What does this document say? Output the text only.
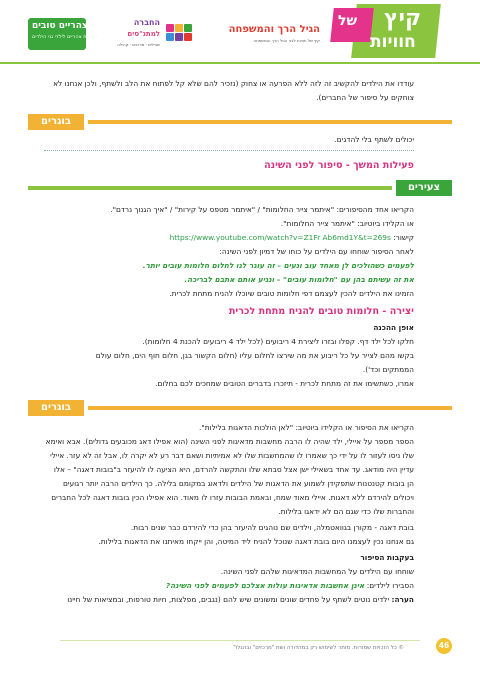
צהריים טובים
מסגרת צהריים לילדי גני הילדים
החברה
למתנ"סים
שבילים · מרכזים · קהילה
הגיל הרך והמשפחה
קיץ של חוויות לבני הגיל הרך והמשפחה
קיץ
של
חוויות
עודדו את הילדים להקשיב זה לזה ללא הפרעה או צחוק (נזכיר להם שלא קל לפתוח את הלב ולשתף, ולכן אנחנו לא
צוחקים על סיפור של החברים).
בוגרים
יכולים לשתף בלי להדגים.
פעילות המשך - סיפור לפני השינה
צעירים
הקריאו אחד מהסיפורים: "איתמר צייר החלומות" / "איתמר מטפס על קירות" / "איך הגנוך נרדם".
או הקלידו ביוטיוב: "איתמר צייר החלומות".
קישור: https://www.youtube.com/watch?v=Z1Fr Ab6md1Y&t=269s
לאחר הסיפור שוחחו עם הילדים על כוחו של דמיון לפני השינה:
לפעמים כשהולכים לן מאחד עוב ונעים – זה עוגר לנו לחלום חלומות עובים יותר.
את זה עשיתם בהן עם "חלומות עובים" – ונגיע אותם אתבם לבריכה.
הזמינו את הילדים להכין לעצמם דפי חלומות טובים שיוכלו להניח מתחת לכרית.
יצירה - חלומות טובים להניח מתחת לכרית
אופן ההכנה
חלקו לכל ילד דף. קפלו ובזרו ליצירת 4 ריבועים (לכל ילד 4 ריבועים להכנת 4 חלומות).
בקשו מהם לצייר על כל ריבוע את מה שירצו לחלום עליו (חלום הקשור בגן, חלום חוף הים, חלום עולם
הממתקים וכד').
אמרו, כשתשימו את זה מתחת לכרית - תיזכרו בדברים הטובים שמחכים לכם בחלום.
בוגרים
הקריאו את הסיפור או הקלידו ביוטיוב: "לאן הולכות הדאגות בלילות".
הספר מספר על איילי, ילד שהיה לו הרבה מחשבות מדאיגות לפני השינה (הוא אפילו דאג מכובעים גדולים). אבא ואימא
שלו ניסו לעזור לו על ידי כך שאמרו לו שהמחשבות שלו לא אמיתיות ושאם דבר רע לא יקרה לו, אבל זה לא עזר. איילי
עדיין היה מודאג. עד אחד בשאילי ישן אצל סבתא שלו והתקשה להרדם, היא הציעה לו להיעזר ב"בובות דאגה" – אלו
הן בובות קטנטנות שתפקידן לשמוע את הדאגות של הילדים ולדאוג במקומם בלילה. כך הילדים הרבה יותר רגועים
ויכולים להירדם ללא דאגות. איילי מאוד שמח, ובאמת הבובות עזרו לו מאוד. הוא אפילו הכין בובות דאגה לכל החברים
והחברות שלו כדי שגם הם לא ידאגו בלילות.
בובת דאגה - מקורן בגוואטמלה, וילדים שם נוהגים להיעזר בהן כדי להירדם כבר שנים רבות.
גם אנחנו נכין לעצמנו היום בובת דאגה שנוכל להניח ליד המיטה, והן ייקחו מאיתנו את הדאגות בלילות.
בעקבות הסיפור
שוחחו עם הילדים על המחשבות המדאיגות שלהם לפני השינה.
הסבירו לילדים: אינן אחשבות אדאיגות עולות אצלכם לפעמים לפני השינה?
הערה: ילדים נוטים לשתף על פחדים שונים ומשונים שיש להם (נגבים, מפלצות, חיות טורפות, ובמציאות של חיינו
© כל הזכויות שמורות. מותר לשימוש רק במהדורה ושת "מרכזים" ובהגלו"	46
